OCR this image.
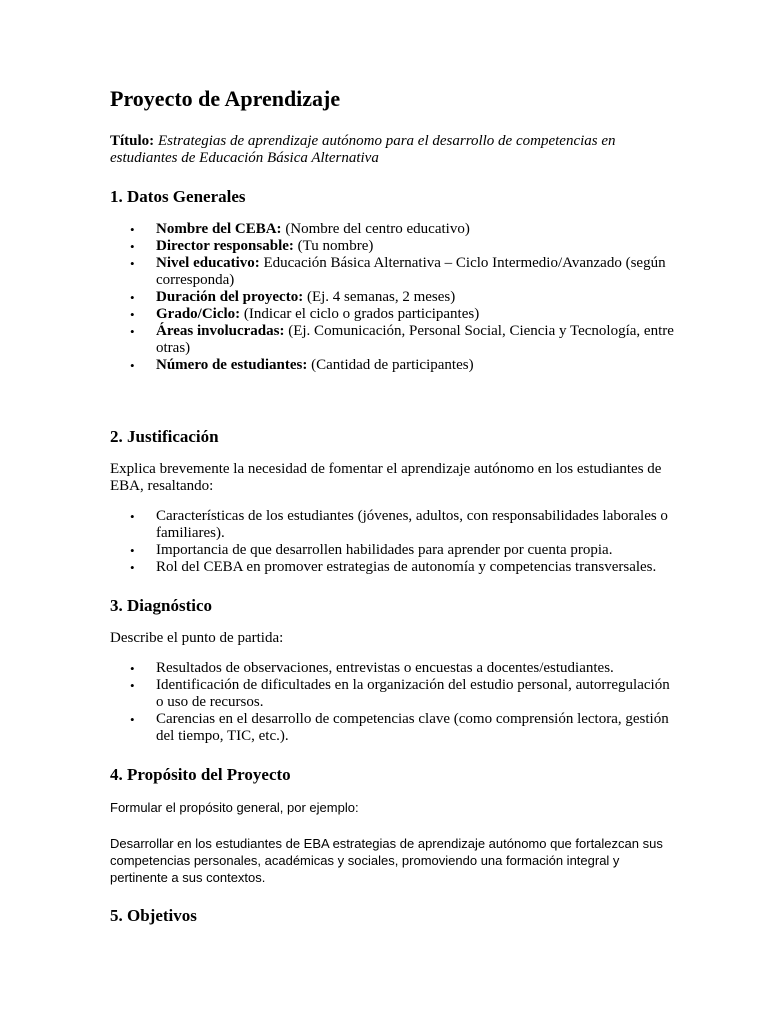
Proyecto de Aprendizaje

Título: Estrategias de aprendizaje autónomo para el desarrollo de competencias en estudiantes de Educación Básica Alternativa

1. Datos Generales
• Nombre del CEBA: (Nombre del centro educativo)
• Director responsable: (Tu nombre)
• Nivel educativo: Educación Básica Alternativa – Ciclo Intermedio/Avanzado (según corresponda)
• Duración del proyecto: (Ej. 4 semanas, 2 meses)
• Grado/Ciclo: (Indicar el ciclo o grados participantes)
• Áreas involucradas: (Ej. Comunicación, Personal Social, Ciencia y Tecnología, entre otras)
• Número de estudiantes: (Cantidad de participantes)
2. Justificación

Explica brevemente la necesidad de fomentar el aprendizaje autónomo en los estudiantes de EBA, resaltando:

• Características de los estudiantes (jóvenes, adultos, con responsabilidades laborales o familiares).
• Importancia de que desarrollen habilidades para aprender por cuenta propia.
• Rol del CEBA en promover estrategias de autonomía y competencias transversales.
3. Diagnóstico

Describe el punto de partida:

• Resultados de observaciones, entrevistas o encuestas a docentes/estudiantes.
• Identificación de dificultades en la organización del estudio personal, autorregulación o uso de recursos.
• Carencias en el desarrollo de competencias clave (como comprensión lectora, gestión del tiempo, TIC, etc.).
4. Propósito del Proyecto

Formular el propósito general, por ejemplo:

Desarrollar en los estudiantes de EBA estrategias de aprendizaje autónomo que fortalezcan sus competencias personales, académicas y sociales, promoviendo una formación integral y pertinente a sus contextos.

5. Objetivos
